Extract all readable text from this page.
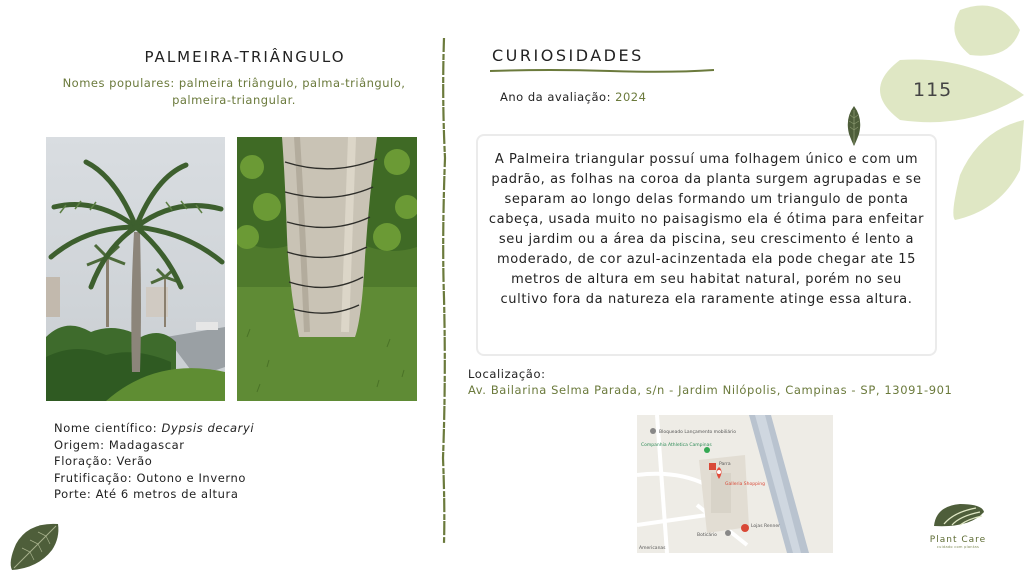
PALMEIRA-TRIÂNGULO
Nomes populares: palmeira triângulo, palma-triângulo, palmeira-triangular.
Nome científico: Dypsis decaryi
Origem: Madagascar
Floração: Verão
Frutificação: Outono e Inverno
Porte: Até 6 metros de altura
CURIOSIDADES
Ano da avaliação: 2024
A Palmeira triangular possuí uma folhagem único e com um padrão, as folhas na coroa da planta surgem agrupadas e se separam ao longo delas formando um triangulo de ponta cabeça, usada muito no paisagismo ela é ótima para enfeitar seu jardim ou a área da piscina, seu crescimento é lento a moderado, de cor azul-acinzentada ela pode chegar ate 15 metros de altura em seu habitat natural, porém no seu cultivo fora da natureza ela raramente atinge essa altura.
Localização:
Av. Bailarina Selma Parada, s/n - Jardim Nilópolis, Campinas - SP, 13091-901
Bloqueado Lançamento mobiliário
Companhia Athletica Campinas
Parra
Galleria Shopping
Lojas Renner
Boticário
Americanas
115
Plant Care
cuidado com plantas
